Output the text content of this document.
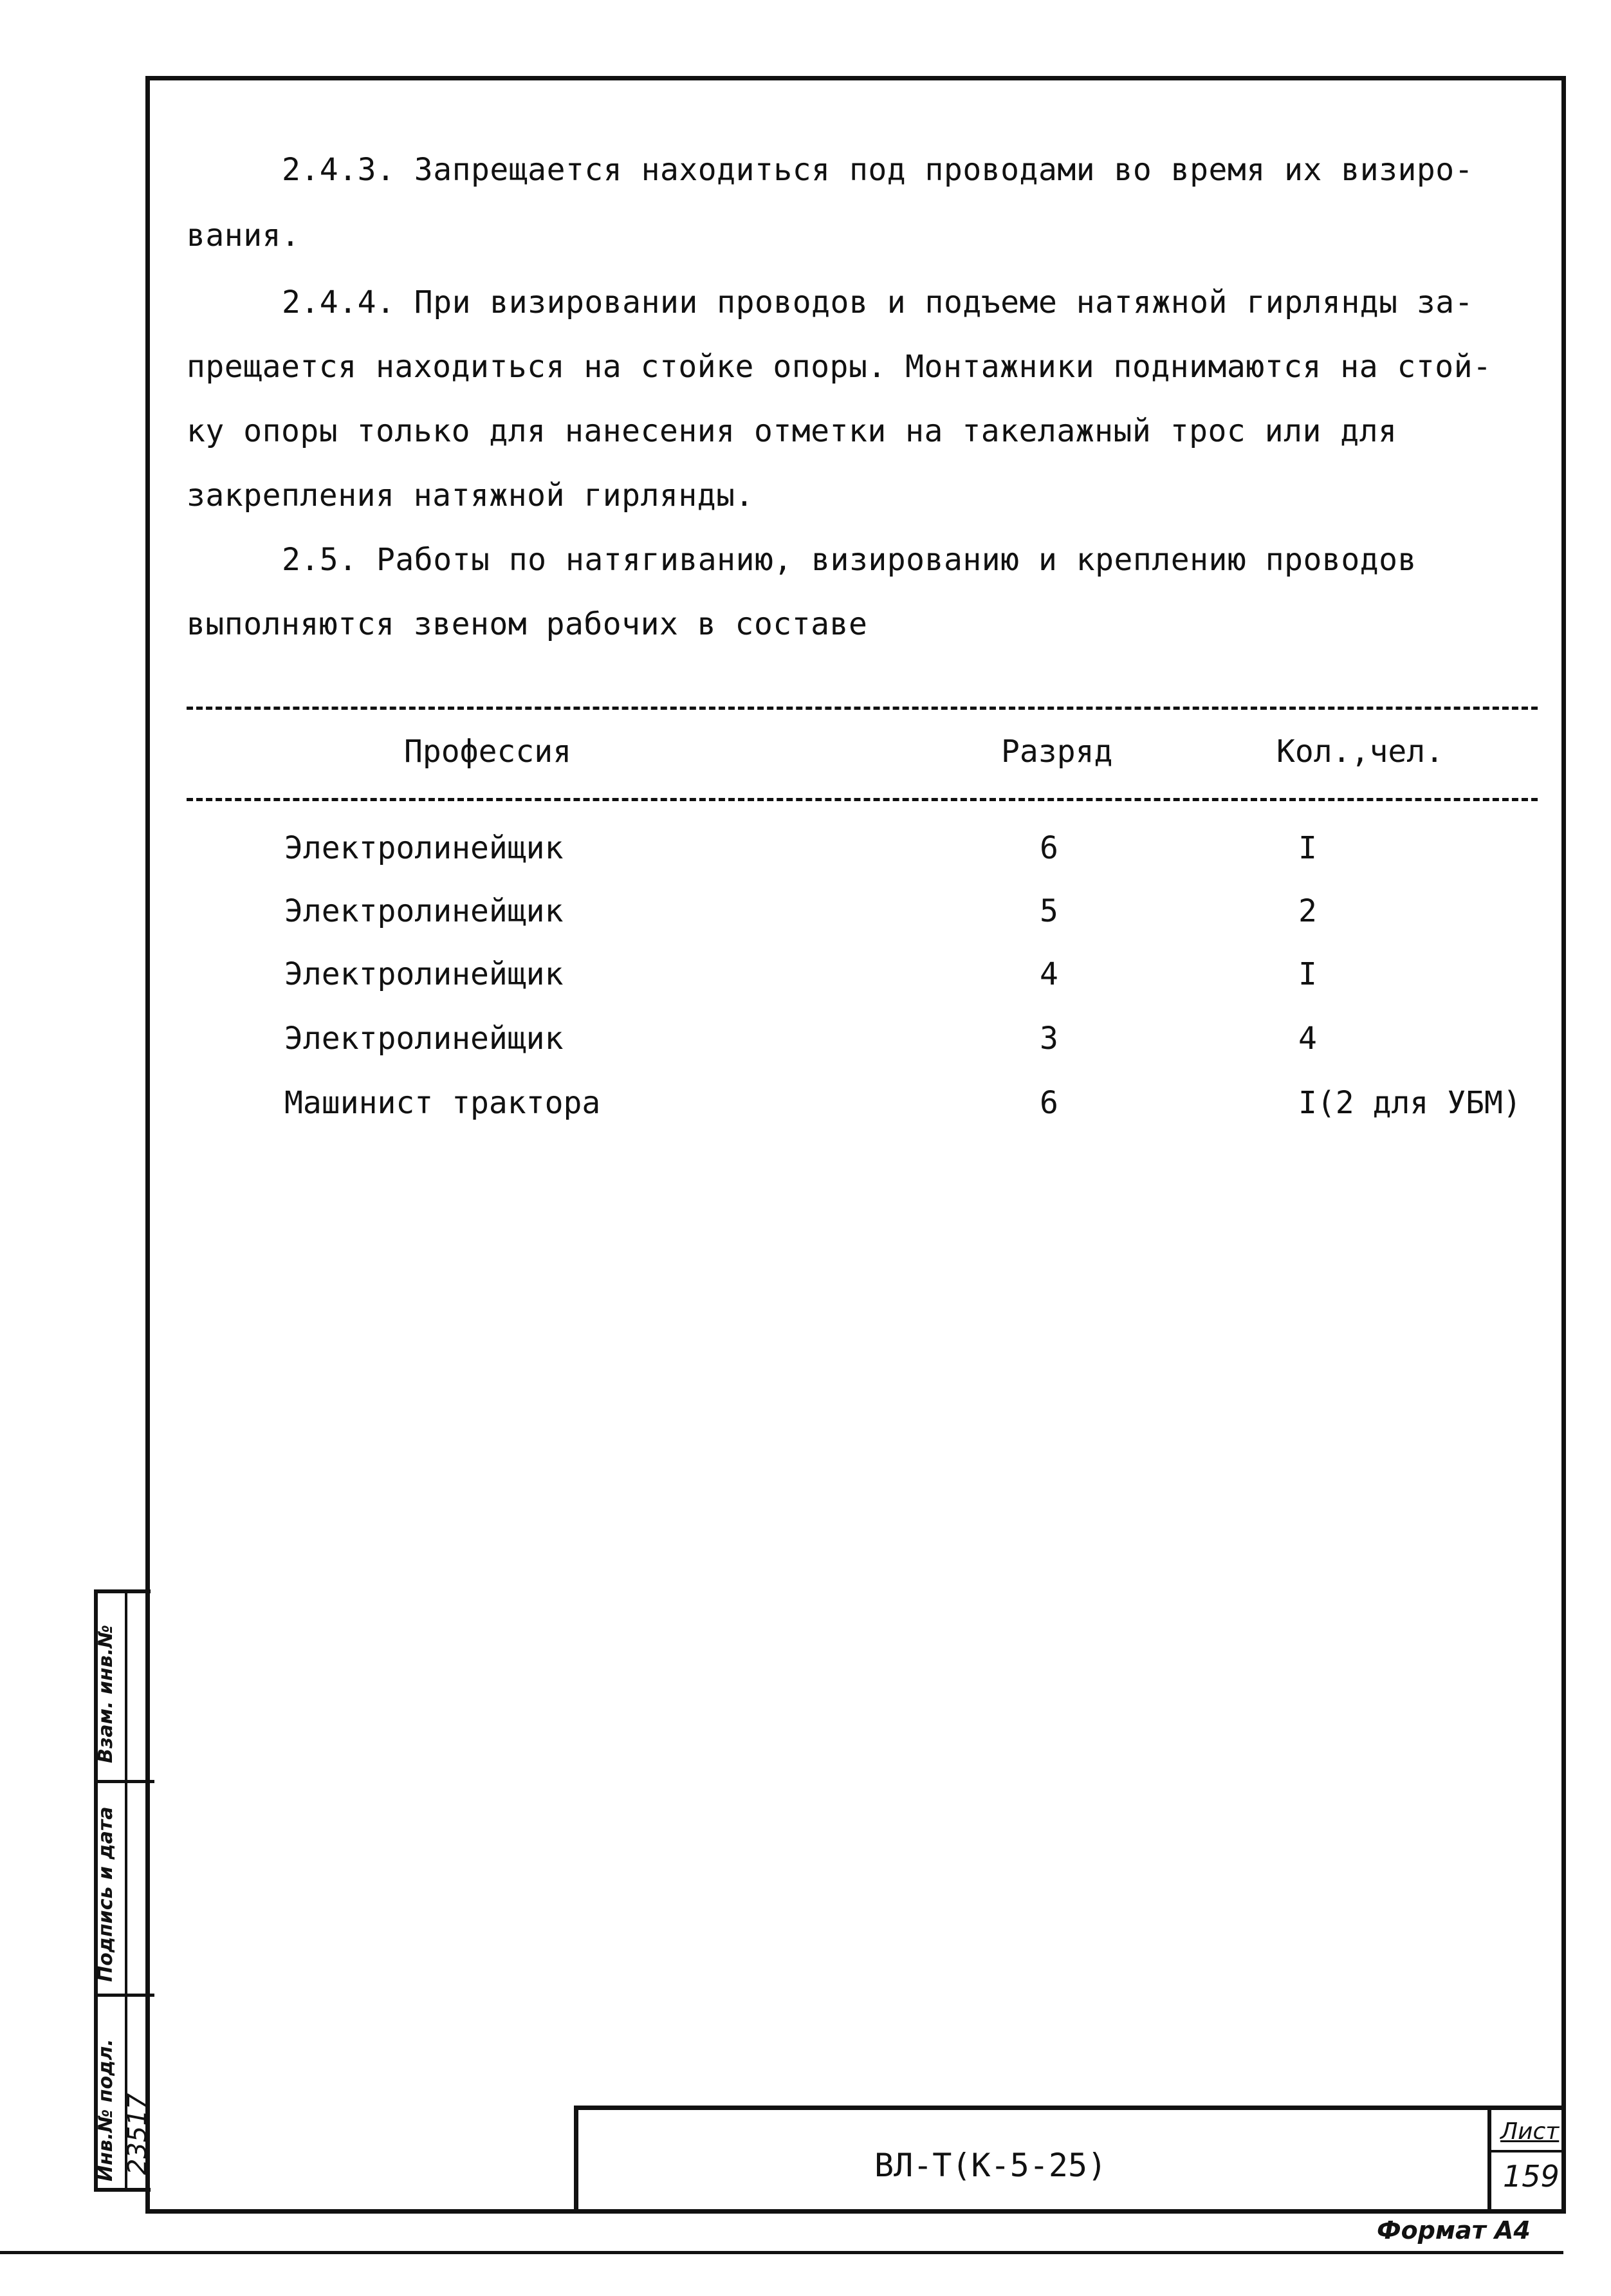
2.4.3. Запрещается находиться под проводами во время их визиро-
вания.
2.4.4. При визировании проводов и подъеме натяжной гирлянды за-
прещается находиться на стойке опоры. Монтажники поднимаются на стой-
ку опоры только для нанесения отметки на такелажный трос или для
закрепления натяжной гирлянды.
2.5. Работы по натягиванию, визированию и креплению проводов
выполняются звеном рабочих в составе
Профессия	Разряд	Кол.,чел.
Электролинейщик	6	I
Электролинейщик	5	2
Электролинейщик	4	I
Электролинейщик	3	4
Машинист трактора	6	I(2 для УБМ)
Взам. инв.№
Подпись и дата
Инв.№ подл. 23517	ВЛ-Т(К-5-25)
Лист
159
Формат А4
